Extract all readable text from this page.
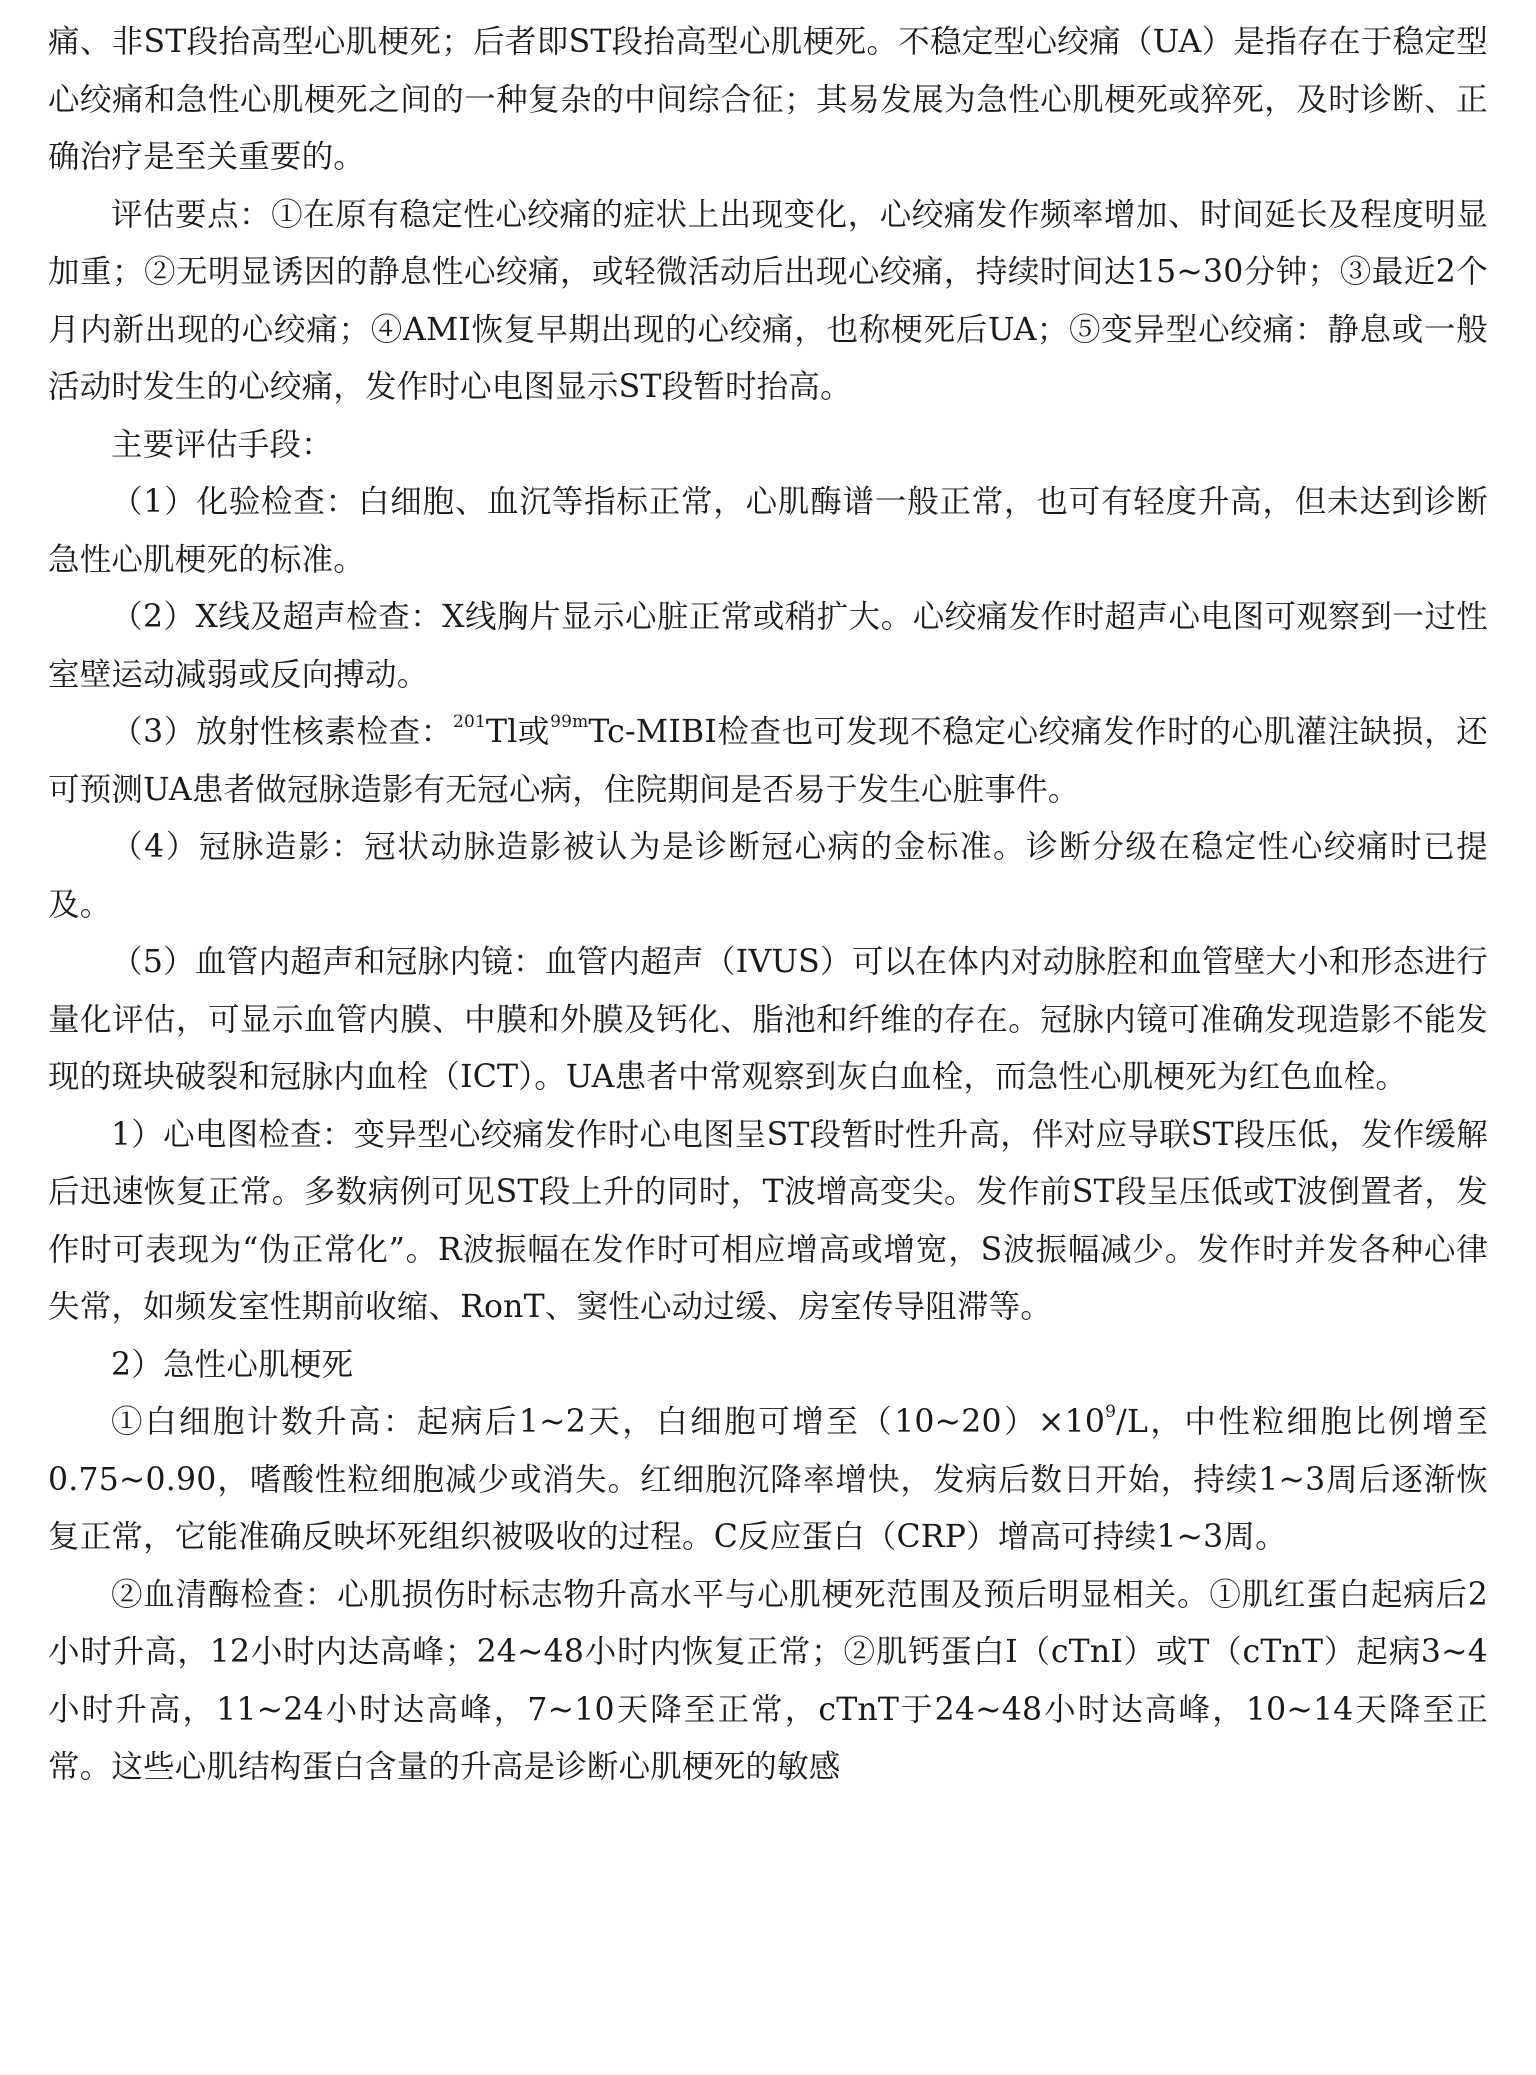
痛、非ST段抬高型心肌梗死；后者即ST段抬高型心肌梗死。不稳定型心绞痛（UA）是指存在于稳定型心绞痛和急性心肌梗死之间的一种复杂的中间综合征；其易发展为急性心肌梗死或猝死，及时诊断、正确治疗是至关重要的。

评估要点：①在原有稳定性心绞痛的症状上出现变化，心绞痛发作频率增加、时间延长及程度明显加重；②无明显诱因的静息性心绞痛，或轻微活动后出现心绞痛，持续时间达15~30分钟；③最近2个月内新出现的心绞痛；④AMI恢复早期出现的心绞痛，也称梗死后UA；⑤变异型心绞痛：静息或一般活动时发生的心绞痛，发作时心电图显示ST段暂时抬高。

主要评估手段：

（1）化验检查：白细胞、血沉等指标正常，心肌酶谱一般正常，也可有轻度升高，但未达到诊断急性心肌梗死的标准。

（2）X线及超声检查：X线胸片显示心脏正常或稍扩大。心绞痛发作时超声心电图可观察到一过性室壁运动减弱或反向搏动。

（3）放射性核素检查：$^{201}$Tl或$^{99m}$Tc-MIBI检查也可发现不稳定心绞痛发作时的心肌灌注缺损，还可预测UA患者做冠脉造影有无冠心病，住院期间是否易于发生心脏事件。

（4）冠脉造影：冠状动脉造影被认为是诊断冠心病的金标准。诊断分级在稳定性心绞痛时已提及。

（5）血管内超声和冠脉内镜：血管内超声（IVUS）可以在体内对动脉腔和血管壁大小和形态进行量化评估，可显示血管内膜、中膜和外膜及钙化、脂池和纤维的存在。冠脉内镜可准确发现造影不能发现的斑块破裂和冠脉内血栓（ICT）。UA患者中常观察到灰白血栓，而急性心肌梗死为红色血栓。

1）心电图检查：变异型心绞痛发作时心电图呈ST段暂时性升高，伴对应导联ST段压低，发作缓解后迅速恢复正常。多数病例可见ST段上升的同时，T波增高变尖。发作前ST段呈压低或T波倒置者，发作时可表现为“伪正常化”。R波振幅在发作时可相应增高或增宽，S波振幅减少。发作时并发各种心律失常，如频发室性期前收缩、RonT、窦性心动过缓、房室传导阻滞等。

2）急性心肌梗死

①白细胞计数升高：起病后1~2天，白细胞可增至$(10\sim 20)\times 10^9/L$，中性粒细胞比例增至0.75~0.90，嗜酸性粒细胞减少或消失。红细胞沉降率增快，发病后数日开始，持续1~3周后逐渐恢复正常，它能准确反映坏死组织被吸收的过程。C反应蛋白（CRP）增高可持续1~3周。

②血清酶检查：心肌损伤时标志物升高水平与心肌梗死范围及预后明显相关。①肌红蛋白起病后2小时升高，12小时内达高峰；24~48小时内恢复正常；②肌钙蛋白I（cTnI）或T（cTnT）起病3~4小时升高，11~24小时达高峰，7~10天降至正常，cTnT于24~48小时达高峰，10~14天降至正常。这些心肌结构蛋白含量的升高是诊断心肌梗死的敏感
